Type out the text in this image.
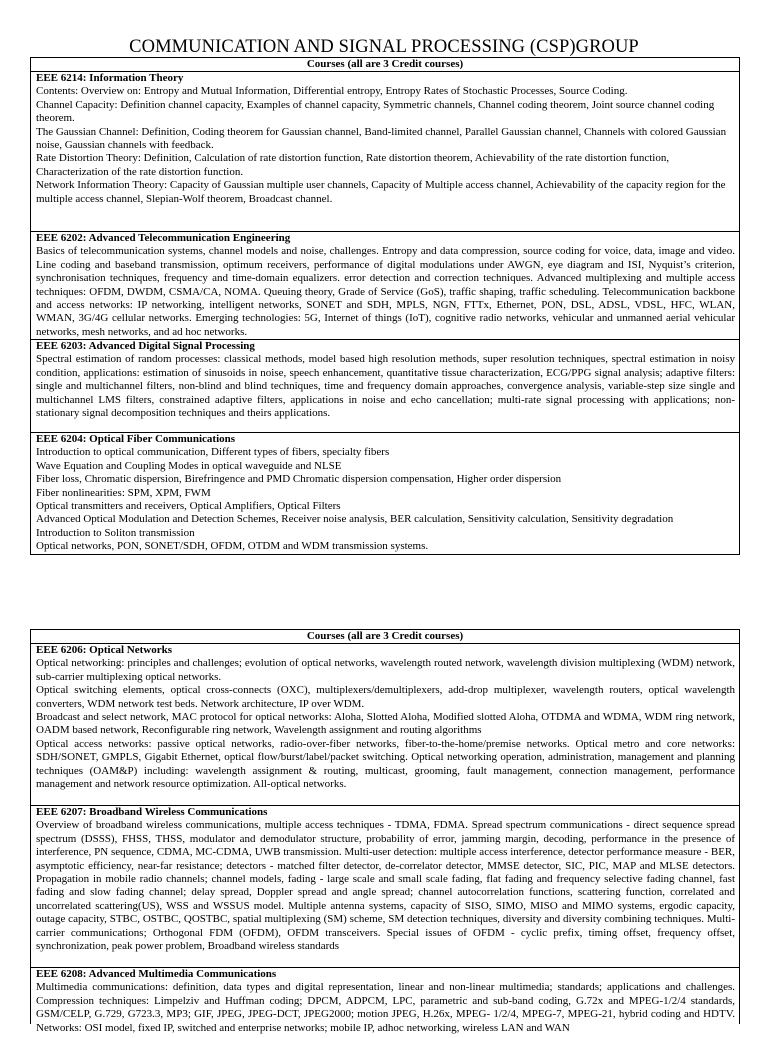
COMMUNICATION AND SIGNAL PROCESSING (CSP)GROUP
Courses (all are 3 Credit courses)
EEE 6214: Information Theory
Contents: Overview on: Entropy and Mutual Information, Differential entropy, Entropy Rates of Stochastic Processes, Source Coding.
Channel Capacity: Definition channel capacity, Examples of channel capacity, Symmetric channels, Channel coding theorem, Joint source channel coding theorem.
The Gaussian Channel: Definition, Coding theorem for Gaussian channel, Band-limited channel, Parallel Gaussian channel, Channels with colored Gaussian noise, Gaussian channels with feedback.
Rate Distortion Theory: Definition, Calculation of rate distortion function, Rate distortion theorem, Achievability of the rate distortion function, Characterization of the rate distortion function.
Network Information Theory: Capacity of Gaussian multiple user channels, Capacity of Multiple access channel, Achievability of the capacity region for the multiple access channel, Slepian-Wolf theorem, Broadcast channel.
EEE 6202: Advanced Telecommunication Engineering
Basics of telecommunication systems, channel models and noise, challenges. Entropy and data compression, source coding for voice, data, image and video. Line coding and baseband transmission, optimum receivers, performance of digital modulations under AWGN, eye diagram and ISI, Nyquist’s criterion, synchronisation techniques, frequency and time-domain equalizers. error detection and correction techniques. Advanced multiplexing and multiple access techniques: OFDM, DWDM, CSMA/CA, NOMA. Queuing theory, Grade of Service (GoS), traffic shaping, traffic scheduling. Telecommunication backbone and access networks: IP networking, intelligent networks, SONET and SDH, MPLS, NGN, FTTx, Ethernet, PON, DSL, ADSL, VDSL, HFC, WLAN, WMAN, 3G/4G cellular networks. Emerging technologies: 5G, Internet of things (IoT), cognitive radio networks, vehicular and unmanned aerial vehicular networks, mesh networks, and ad hoc networks.
EEE 6203: Advanced Digital Signal Processing
Spectral estimation of random processes: classical methods, model based high resolution methods, super resolution techniques, spectral estimation in noisy condition, applications: estimation of sinusoids in noise, speech enhancement, quantitative tissue characterization, ECG/PPG signal analysis; adaptive filters: single and multichannel filters, non-blind and blind techniques, time and frequency domain approaches, convergence analysis, variable-step size single and multichannel LMS filters, constrained adaptive filters, applications in noise and echo cancellation; multi-rate signal processing with applications; non-stationary signal decomposition techniques and theirs applications.
EEE 6204: Optical Fiber Communications
Introduction to optical communication, Different types of fibers, specialty fibers
Wave Equation and Coupling Modes in optical waveguide and NLSE
Fiber loss, Chromatic dispersion, Birefringence and PMD Chromatic dispersion compensation, Higher order dispersion
Fiber nonlinearities: SPM, XPM, FWM
Optical transmitters and receivers, Optical Amplifiers, Optical Filters
Advanced Optical Modulation and Detection Schemes, Receiver noise analysis, BER calculation, Sensitivity calculation, Sensitivity degradation
Introduction to Soliton transmission
Optical networks, PON, SONET/SDH, OFDM, OTDM and WDM transmission systems.
Courses (all are 3 Credit courses)
EEE 6206: Optical Networks
Optical networking: principles and challenges; evolution of optical networks, wavelength routed network, wavelength division multiplexing (WDM) network, sub-carrier multiplexing optical networks.
Optical switching elements, optical cross-connects (OXC), multiplexers/demultiplexers, add-drop multiplexer, wavelength routers, optical wavelength converters, WDM network test beds. Network architecture, IP over WDM.
Broadcast and select network, MAC protocol for optical networks: Aloha, Slotted Aloha, Modified slotted Aloha, OTDMA and WDMA, WDM ring network, OADM based network, Reconfigurable ring network, Wavelength assignment and routing algorithms
Optical access networks: passive optical networks, radio-over-fiber networks, fiber-to-the-home/premise networks. Optical metro and core networks: SDH/SONET, GMPLS, Gigabit Ethernet, optical flow/burst/label/packet switching. Optical networking operation, administration, management and planning techniques (OAM&P) including: wavelength assignment & routing, multicast, grooming, fault management, connection management, performance management and network resource optimization. All-optical networks.
EEE 6207: Broadband Wireless Communications
Overview of broadband wireless communications, multiple access techniques - TDMA, FDMA. Spread spectrum communications - direct sequence spread spectrum (DSSS), FHSS, THSS, modulator and demodulator structure, probability of error, jamming margin, decoding, performance in the presence of interference, PN sequence, CDMA, MC-CDMA, UWB transmission. Multi-user detection: multiple access interference, detector performance measure - BER, asymptotic efficiency, near-far resistance; detectors - matched filter detector, de-correlator detector, MMSE detector, SIC, PIC, MAP and MLSE detectors. Propagation in mobile radio channels; channel models, fading - large scale and small scale fading, flat fading and frequency selective fading channel, fast fading and slow fading channel; delay spread, Doppler spread and angle spread; channel autocorrelation functions, scattering function, correlated and uncorrelated scattering(US), WSS and WSSUS model. Multiple antenna systems, capacity of SISO, SIMO, MISO and MIMO systems, ergodic capacity, outage capacity, STBC, OSTBC, QOSTBC, spatial multiplexing (SM) scheme, SM detection techniques, diversity and diversity combining techniques. Multi-carrier communications; Orthogonal FDM (OFDM), OFDM transceivers. Special issues of OFDM - cyclic prefix, timing offset, frequency offset, synchronization, peak power problem, Broadband wireless standards
EEE 6208: Advanced Multimedia Communications
Multimedia communications: definition, data types and digital representation, linear and non-linear multimedia; standards; applications and challenges. Compression techniques: Limpelziv and Huffman coding; DPCM, ADPCM, LPC, parametric and sub-band coding, G.72x and MPEG-1/2/4 standards, GSM/CELP, G.729, G723.3, MP3; GIF, JPEG, JPEG-DCT, JPEG2000; motion JPEG, H.26x, MPEG- 1/2/4, MPEG-7, MPEG-21, hybrid coding and HDTV. Networks: OSI model, fixed IP, switched and enterprise networks; mobile IP, adhoc networking, wireless LAN and WAN
